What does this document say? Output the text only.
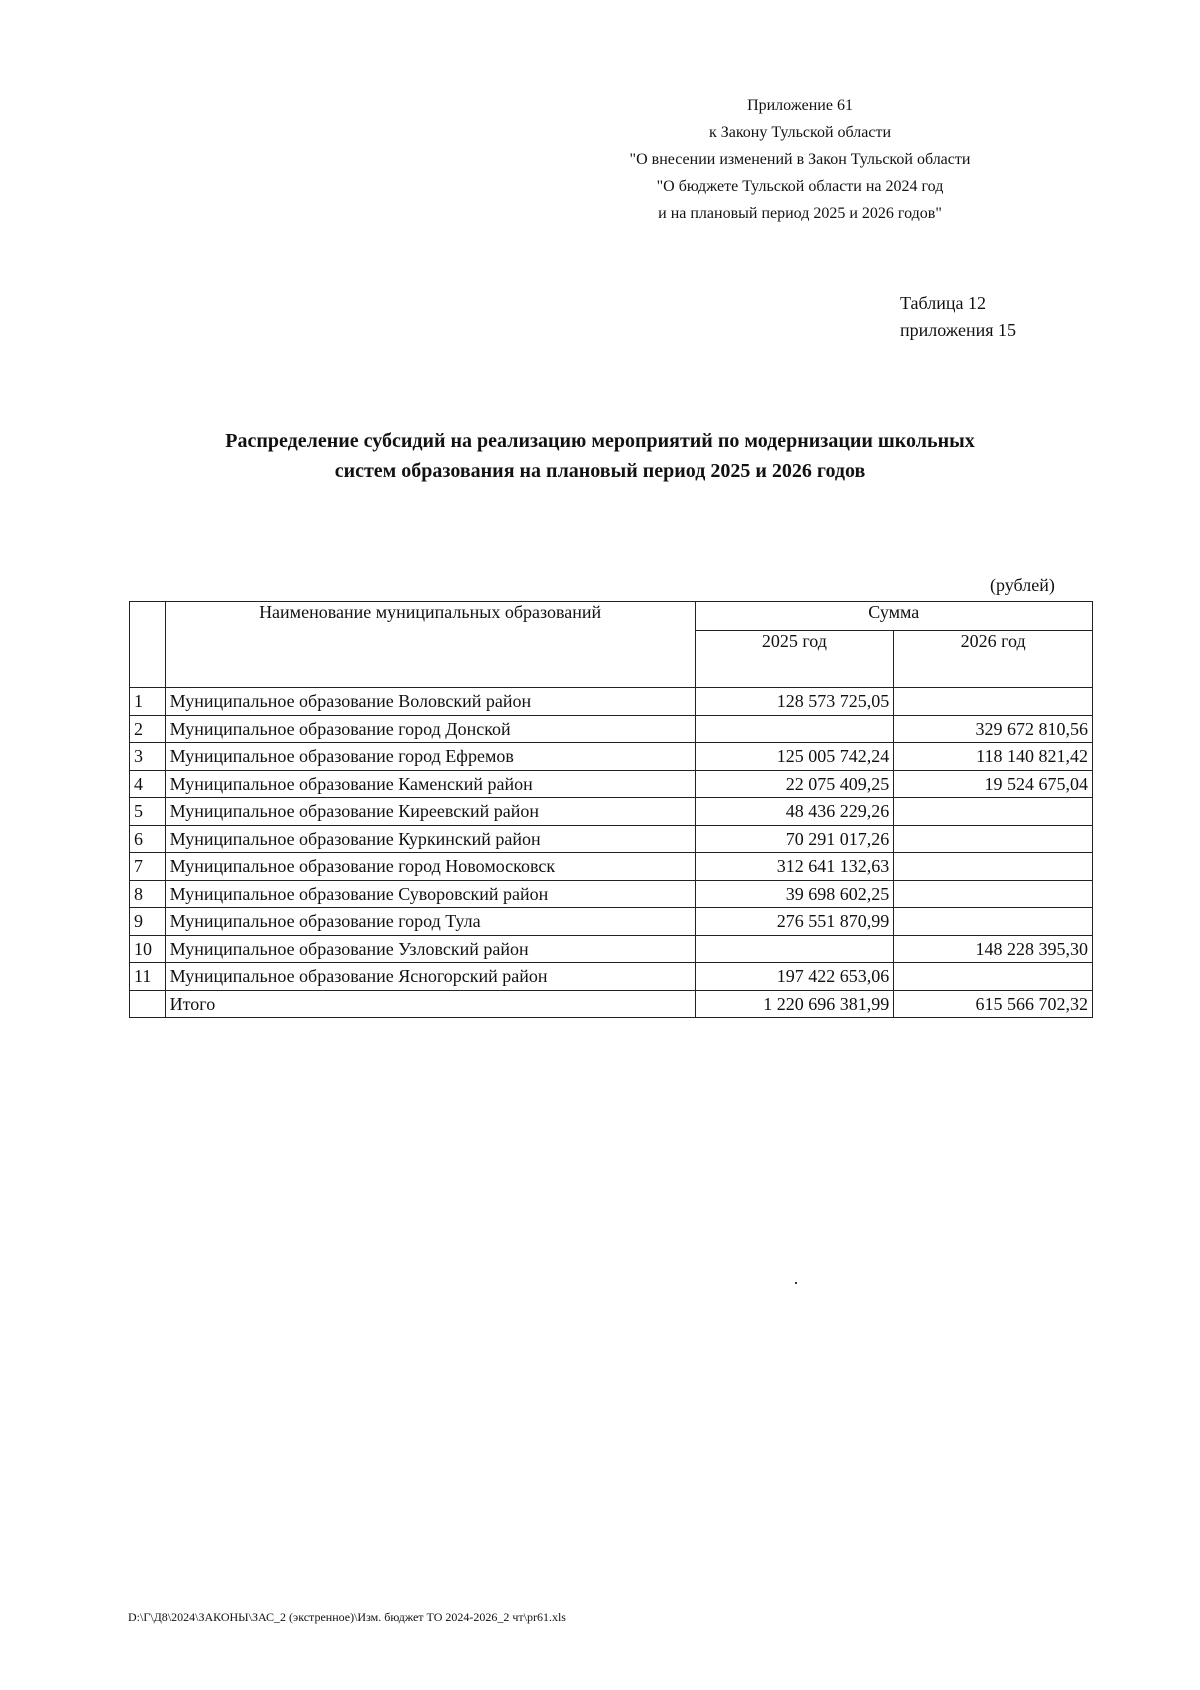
Приложение 61
к Закону Тульской области
"О внесении изменений в Закон Тульской области
"О бюджете Тульской области на 2024 год
и на плановый период 2025 и 2026 годов"
Таблица 12
приложения 15
Распределение субсидий на реализацию мероприятий по модернизации школьных
систем образования на плановый период 2025 и 2026 годов
(рублей)
	Наименование муниципальных образований	Сумма	
		2025 год	2026 год
1	Муниципальное образование Воловский район	128 573 725,05	
2	Муниципальное образование город Донской		329 672 810,56
3	Муниципальное образование город Ефремов	125 005 742,24	118 140 821,42
4	Муниципальное образование Каменский район	22 075 409,25	19 524 675,04
5	Муниципальное образование Киреевский район	48 436 229,26	
6	Муниципальное образование Куркинский район	70 291 017,26	
7	Муниципальное образование город Новомосковск	312 641 132,63	
8	Муниципальное образование Суворовский район	39 698 602,25	
9	Муниципальное образование город Тула	276 551 870,99	
10	Муниципальное образование Узловский район		148 228 395,30
11	Муниципальное образование Ясногорский район	197 422 653,06	
	Итого	1 220 696 381,99	615 566 702,32
D:\Г\Д8\2024\ЗАКОНЫ\ЗАС_2 (экстренное)\Изм. бюджет ТО 2024-2026_2 чт\pr61.xls
